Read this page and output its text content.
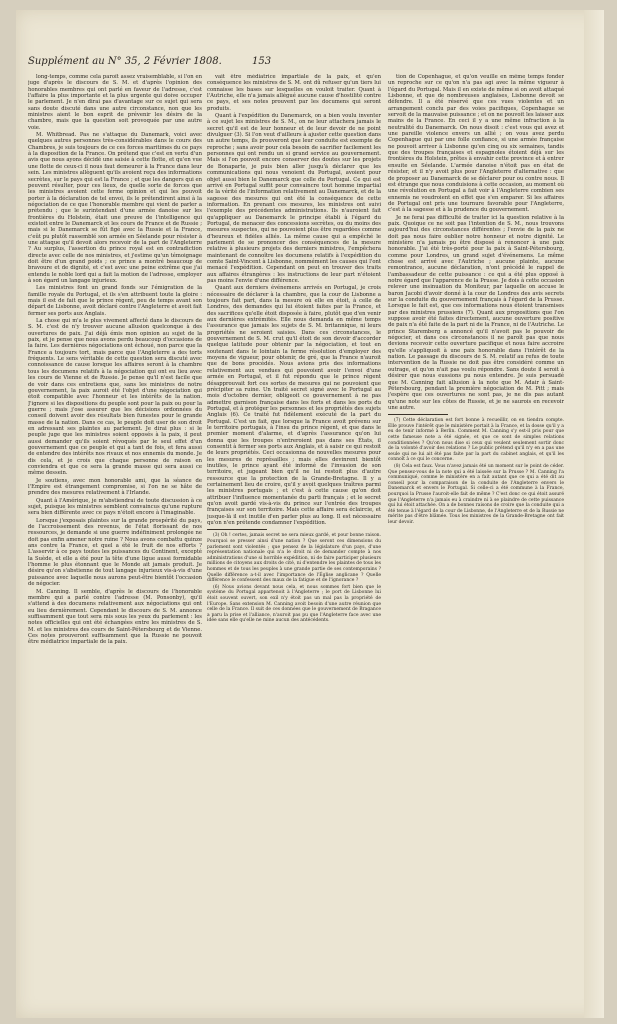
Supplément au N° 35, 2 Février 1808.	153

long-temps, comme cela paroît assez vraisemblable, si l'on en juge d'après le discours de S. M. et d'après l'opinion des honorables membres qui ont parlé en faveur de l'adresse, c'est l'affaire la plus importante et la plus urgente qui doive occuper le parlement. Je n'en dirai pas d'avantage sur ce sujet qui sera sans doute discuté dans une autre circonstance, non que les ministres aient le bon esprit de prévenir les désirs de la chambre, mais que la question soit provoquée par une autre voie.

M. Whitbread. Pas ne s'attaque du Danemark, voici avec quelques autres personnes très-considérables dans le cours des Chambres, je suis toujours de ce ces forces maritimes du ce pays à la disposition de la France. On prétend que c'est en vertu d'un avis que nous ayons décidé une saisie à cette flotte, et qu'en vue une flotte de ceux-ci il nous faut demeurer à la France dans leur sein. Les ministres allèguent qu'ils avoient reçu des informations secrètes, sur le pays qui est la France ; et que les dangers qui en peuvent résulter, pour ces lieux, de quelle sorte de forces que les ministres avoient cette ferme opinion et qui les pouvoit porter à la déclaration de tel envoi, ils le prétendirent ainsi à la négociation de ce que l'honorable membre qui vient de parler a prétendu ; que le surintendant d'une armée danoise sur les frontières du Holstein, était une preuve de l'intelligence qui existoit entre le Danemarck et les cours de France et de Russie ; mais si le Danemarck se fût figé avec la Russie et la France, c'eût pu plutôt rassemblé son armée en Séelande pour résister à une attaque qu'il devoit alors recevoir de la part de l'Angleterre ? Au surplus, l'assertion du prince royal est en contradiction directe avec celle de nos ministres, et j'estime qu'un témoignage doit être d'un grand poids ; ce prince a montré beaucoup de bravoure et de dignité, et c'est avec une peine extrême que j'ai entendu le noble lord qui a fait la motion de l'adresse, employer à son égard un langage injurieux.

Les ministres font un grand fonds sur l'émigration de la famille royale du Portugal, et ils s'en attribuent toute la gloire : mais il est de fait que le prince régent, peu de temps avant son départ de Lisbonne, avoit déclaré contre l'Angleterre et avoit fait fermer ses ports aux Anglais.

La chose qui m'a le plus vivement affecté dans le discours de S. M. c'est de n'y trouver aucune allusion quelconque à des ouvertures de paix. J'ai déjà émis mon opinion au sujet de la paix, et je pense que nous avons perdu beaucoup d'occasions de la faire. Les dernières négociations ont échoué, non parce que la France a toujours tort, mais parce que l'Angleterre a des torts fréquents. Le sens véritable de cette question sera discuté avec connoissance de cause lorsque les affaires seront à la chambre tous les documens relatifs à la négociation qui ont eu lieu avec les cours de Vienne et de Russie. Je pense qu'il n'est facile que de voir dans ces entretiens que, sans les ministres de notre gouvernement, la paix auroit été l'objet d'une négociation qui étoit compatible avec l'honneur et les intérêts de la nation. J'ignore si les dispositions du peuple sont pour la paix ou pour la guerre ; mais j'ose assurer que les décisions ordonnées du conseil doivent avoir des résultats bien funestes pour le grande masse de la nation. Dans ce cas, le peuple doit user de son droit en adressant ses plaintes au parlement. Je dirai plus : si le peuple juge que les ministres soient opposés à la paix, il peut aussi demander qu'ils soient révoqués par le seul effet d'un gouvernement que ce peuple et qui a tant de fois, et fera aussi de entendre des intérêts nos rivaux et nos ennemis du monde. Je dis cela, et je crois que chaque personne de raison en conviendra et que ce sera la grande masse qui sera aussi ce même dessein.

Je soutiens, avec mon honorable ami, que la séance de l'Empire est étrangement compromise, si l'on ne se hâte de prendre des mesures relativement à l'Irlande.

Quant à l'Amérique, je m'abstiendrai de toute discussion à ce sujet, puisque les ministres semblent convaincus qu'une rupture sera bien différente avec ce pays n'étoit encore à l'imaginable.

Lorsque j'exposais plaintes sur la grande prospérité du pays, de l'accroissement des revenus, de l'état florissant de nos ressources, je demande si une guerre indéfiniment prolongée ne doit pas enfin amener notre ruine ? Nous avons combattu quinze ans contre la France, et quel a été le fruit de nos efforts ? L'asservir à ce pays toutes les puissances du Continent, excepté la Suède, et elle a été pour la tête d'une ligue aussi formidable l'homme le plus étonnant que le Monde ait jamais produit. Je désire qu'on s'abstienne de tout langage injurieux vis-à-vis d'une puissance avec laquelle nous aurons peut-être bientôt l'occasion de négocier.

M. Canning. Il semble, d'après le discours de l'honorable membre qui a parlé contre l'adresse (M. Ponsonby), qu'il s'attend à des documens relativement aux négociations qui ont eu lieu dernièrement. Cependant le discours de S. M. annonce suffisamment que tout sera mis sous les yeux du parlement : les notes officielles qui ont été échangées entre les ministres de S. M. et les ministres des cours de Saint-Pétersbourg et de Vienne. Ces notes prouveront suffisamment que la Russie ne pouvoit être médiatrice impartiale de la paix.

vait être médiatrice impartiale de la paix, et qu'en conséquence les ministres de S. M. ont dû refuser qu'un tiers lui connaisse les bases sur lesquelles on vouloit traiter. Quant à l'Autriche, elle n'a jamais allégué aucune cause d'hostilité contre ce pays, et ses notes prouvent par les documens qui seront produits.

Quant à l'expédition du Danemarck, on a bien voulu inventer à ce sujet les ministres de S. M., on ne leur attachera jamais le secret qu'il est de leur honneur et de leur devoir de ne point divulguer (3). Si l'on veut d'ailleurs à ajuster cette question dans un autre temps, ils prouveront que leur conduite est exempte de reproche ; sans avoir pour cela besoin de sacrifier facilement les personnes qui ont rendu un si grand service au gouvernement. Mais si l'on pouvoit encore conserver des doutes sur les projets de Bonaparte, je puis bien aller jusqu'à déclarer que les communications qui nous venoient du Portugal, avoient pour objet aussi bien le Danemarck que celle du Portugal. Ce qui est arrivé en Portugal suffit pour convaincre tout homme impartial de la vérité de l'information relativement au Danemarck, et de la sagesse des mesures qui ont été la conséquence de cette information. En prenant ces mesures, les ministres ont suivi l'exemple des précédentes administrations. Ils n'auroient fait qu'appliquer au Danemarck le principe établi à l'égard du Portugal, de menacer des concessions secrètes, ou du moins des mesures suspectes, qui ne pouvoient plus être regardées comme d'heureux et fidèles alliés. La même cause qui a empêché le parlement de se prononcer des conséquences de la mesure relative à plusieurs projets des derniers ministres, l'empêchera maintenant de connoître les documens relatifs à l'expédition du comte Saint-Vincent à Lisbonne, nommément les causes qui l'ont menacé l'expédition. Cependant on peut en trouver des traits aux affaires étrangères : les instructions de leur part n'étoient pas moins l'envie d'une différence.

Quant aux derniers événemens arrivés en Portugal, je crois nécessaire de déclarer à la chambre, que la cour de Lisbonne a toujours fait part, dans la mesure où elle en étoit, à celle de Londres, des demandes qui lui étoient faites par la France, et des sacrifices qu'elle étoit disposée à faire, plutôt que d'en venir aux dernières extrémités. Elle nous demanda en même temps l'assurance que jamais les sujets de S. M. britannique, ni leurs propriétés ne seroient saisies. Dans ces circonstances, le gouvernement de S. M. crut qu'il étoit de son devoir d'accorder quelque latitude pour obtenir par la négociation, et tout en soutenant dans le lointain la ferme résolution d'employer des moyens de vigueur, pour obtenir, de gré, que la France n'auroit que de bons procédés. Nous avions pris des informations relativement aux vendues qui pouvoient avoir l'envoi d'une armée en Portugal, et il fut répondu que le prince régent désapprouvait fort ces sortes de mesures qui ne pouvoient que précipiter sa ruine. Un traité secret signé avec le Portugal au mois d'octobre dernier, obligeoit ce gouvernement à ne pas admettre garnison française dans les forts et dans les ports du Portugal, et à protéger les personnes et les propriétés des sujets Anglais (6). Ce traité fut fidèlement exécuté de la part du Portugal. C'est un fait, que lorsque la France avoit prévenu sur le territoire portugais, à l'insu du prince régent, et que dans le premier moment d'alarme, et d'après l'assurance qu'on lui donna que les troupes n'entreroient pas dans ses États, il consentit à fermer ses ports aux Anglais, et à saisir ce qui restoit de leurs propriétés. Ceci occasionna de nouvelles mesures pour les mesures de représailles ; mais elles devinrent bientôt inutiles, le prince ayant été informé de l'invasion de son territoire, et jugeant bien qu'il ne lui restoit plus d'autre ressource que la protection de la Grande-Bretagne. Il y a certainement lieu de croire, qu'il y avoit quelques traîtres parmi les ministres portugais ; et c'est à cette cause qu'on doit attribuer l'influence momentanée du parti français ; et le secret qu'on avoit gardé vis-à-vis du prince sur l'entrée des troupes françaises sur son territoire. Mais cette affaire sera éclaircie, et jusque-là il est inutile d'en parler plus au long. Il est nécessaire qu'on n'en prétende condamner l'expédition.

(3) Oh ! certes, jamais secret ne sera mieux gardé, et pour bonne raison. Pourquoi se presser ainsi d'une nation ? Que seront ces dimensions du parlement sont violentés ; que pensez de la législature d'un pays, d'une représentation nationale qui n'a le droit ni de demander compte à nos administrations d'une si horrible expédition, ni de faire participer plusieurs millions de citoyens aux droits de cité, ni d'entendre les plaintes de tous les hommes et de tous les peuples à une grande partie de ses contemporains ? Quelle différence a-t-il avec l'importance de l'Église anglicane ? Quelle différence le confessent des maux de la fatigue et de l'ignorance ?

(6) Nous avions devant nous cela, et nous sommes fort bien que le système du Portugal appartenoit à l'Angleterre ; le port de Lisbonne lui étoit souvent ouvert, son exil n'y étoit pas un mal pas la propriété de l'Europe. Sans extension M. Canning avoit besoin d'une autre réunion que celle de la France. Il suit de ces données que le gouvernement de Bragance a paru la prise et l'alliance, n'auroit pas pu que l'Angleterre face avec une idée sans elle qu'elle ne mine aucun des antécédents.

tion de Copenhague, et qu'on veuille en même temps fonder un reproche sur ce qu'on n'a pas agi avec la même vigueur à l'égard du Portugal. Mais il en existe de même si on avoit attaqué Lisbonne, et que de nombreuses anglaises, Lisbonne devoit se défendre. Il a été réservé que ces vues violentes et un arrangement conclu par des voies pacifiques, Copenhague se servoit de la mauvaise puissance ; et on ne pouvoit les laisser aux mains de la France. En ceci il y a une même infraction à la neutralité du Danemarck. On nous disoit : c'est vous qui avez et une pareille violence envers un allié ; on vous avez perdu Copenhague qui par une folle confiance, si une armée française ne pouvoit arriver à Lisbonne qu'en cinq ou six semaines, tandis que des troupes françaises et espagnoles étoient déjà sur les frontières du Holstein, prêtes à envahir cette province et à entrer ensuite en Séelande. L'armée danoise n'étoit pas en état de résister, et il n'y avoit plus pour l'Angleterre d'alternative : que de proposer au Danemarck de se déclarer pour ou contre nous. Il est étrange que nous conduisions à cette occasion, au moment où une révolution en Portugal a fait voir à l'Angleterre combien ses ennemis ne voudroient en effet que s'en emparer. Si les affaires de Portugal ont pris une tournure favorable pour l'Angleterre, c'est à la sagesse et à la prudence du gouvernement.

Je ne ferai pas difficulté de traiter ici la question relative à la paix. Quoique ce ne soit pas l'intention de S. M., nous trouvons aujourd'hui des circonstances différentes ; l'envie de la paix ne doit pas nous faire oublier notre honneur et notre dignité. Le ministère n'a jamais pu être disposé à renoncer à une paix honorable. J'ai été très-porté pour la paix à Saint-Pétersbourg, comme pour Londres, un grand sujet d'événemens. Le même chose est arrivé avec l'Autriche ; aucune plainte, aucune remontrance, aucune déclaration, n'ont précédé le rappel de l'ambassadeur de cette puissance : ce qui a été plus opposé à notre égard que l'apparence de la Prusse. Je dois à cette occasion relever une insinuation du Moniteur, par laquelle on accuse le baron Jacobi d'avoir donné à la cour de Londres des avis secrets sur la conduite du gouvernement français à l'égard de la Prusse. Lorsque le fait est, que ces informations nous étoient transmises par des ministres prussiens (7). Quant aux propositions que l'on suppose avoir été faites directement, aucune ouverture positive de paix n'a été faite de la part ni de la France, ni de l'Autriche. Le prince Staremberg a annoncé qu'il n'avoit pas le pouvoir de négocier, et dans ces circonstances il ne paroît pas que nous devions recevoir cette ouverture pacifique et nous faire accroire qu'elle s'appliquoit à une paix honorable dans l'intérêt de la nation. Le passage du discours de S. M. relatif au refus de toute intervention de la Russie ne doit pas être considéré comme un outrage, et qu'on n'ait pas voulu répondre. Sans doute il seroit à désirer que nous eussions pu nous entendre. Je suis persuadé que M. Canning fait allusion à la note que M. Adair à Saint-Pétersbourg, pendant la première négociation de M. Pitt ; mais j'espère que ces ouvertures ne sont pas, je ne dis pas autant qu'une note sur les côtes de Russie, et je ne saurois en recevoir une autre.

(7) Cette déclaration est fort bonne à recueillir, on en tiendra compte. Elle prouve l'intérêt que le ministère portait à la France, et la dosse qu'il y a eu de tenir informé à Berlin. Comment M. Canning s'y est-il pris pour que cette fameuse note a été signée, et que ce sont de simples relations conditionnées ? Qu'on nous dise si ceux qui veulent seulement sortir donc de la volonté d'avoir des relations ? Le public prétend qu'il n'y en a pas une seule qui ne lui ait été pas faite par la part du cabinet anglais, et qu'il les connoît à ce qui le concerne.

(8) Cela est faux. Vous n'avez jamais été un moment sur le point de céder. Que pensez-vous de la note qui a été laissée sur la Prusse ? M. Canning l'a communiqué, comme le ministère en a fait autant que ce qui a été dit au conseil pour la comparaison de la conduite de l'Angleterre envers le Danemarck et envers le Portugal. Si celle-ci a été commune à la France, pourquoi la Prusse l'auroit-elle fait de même ? C'est donc ce qui étoit assuré que l'Angleterre n'a jamais eu à craindre ni à se plaindre de cette puissance qui lui étoit attachée. On a de bonnes raisons de croire que la conduite qui a été tenue à l'égard de la cour de Lisbonne, de l'Angleterre et de la Russie ne mérite pas d'être blâmée. Tous les ministres de la Grande-Bretagne ont fait leur devoir.
